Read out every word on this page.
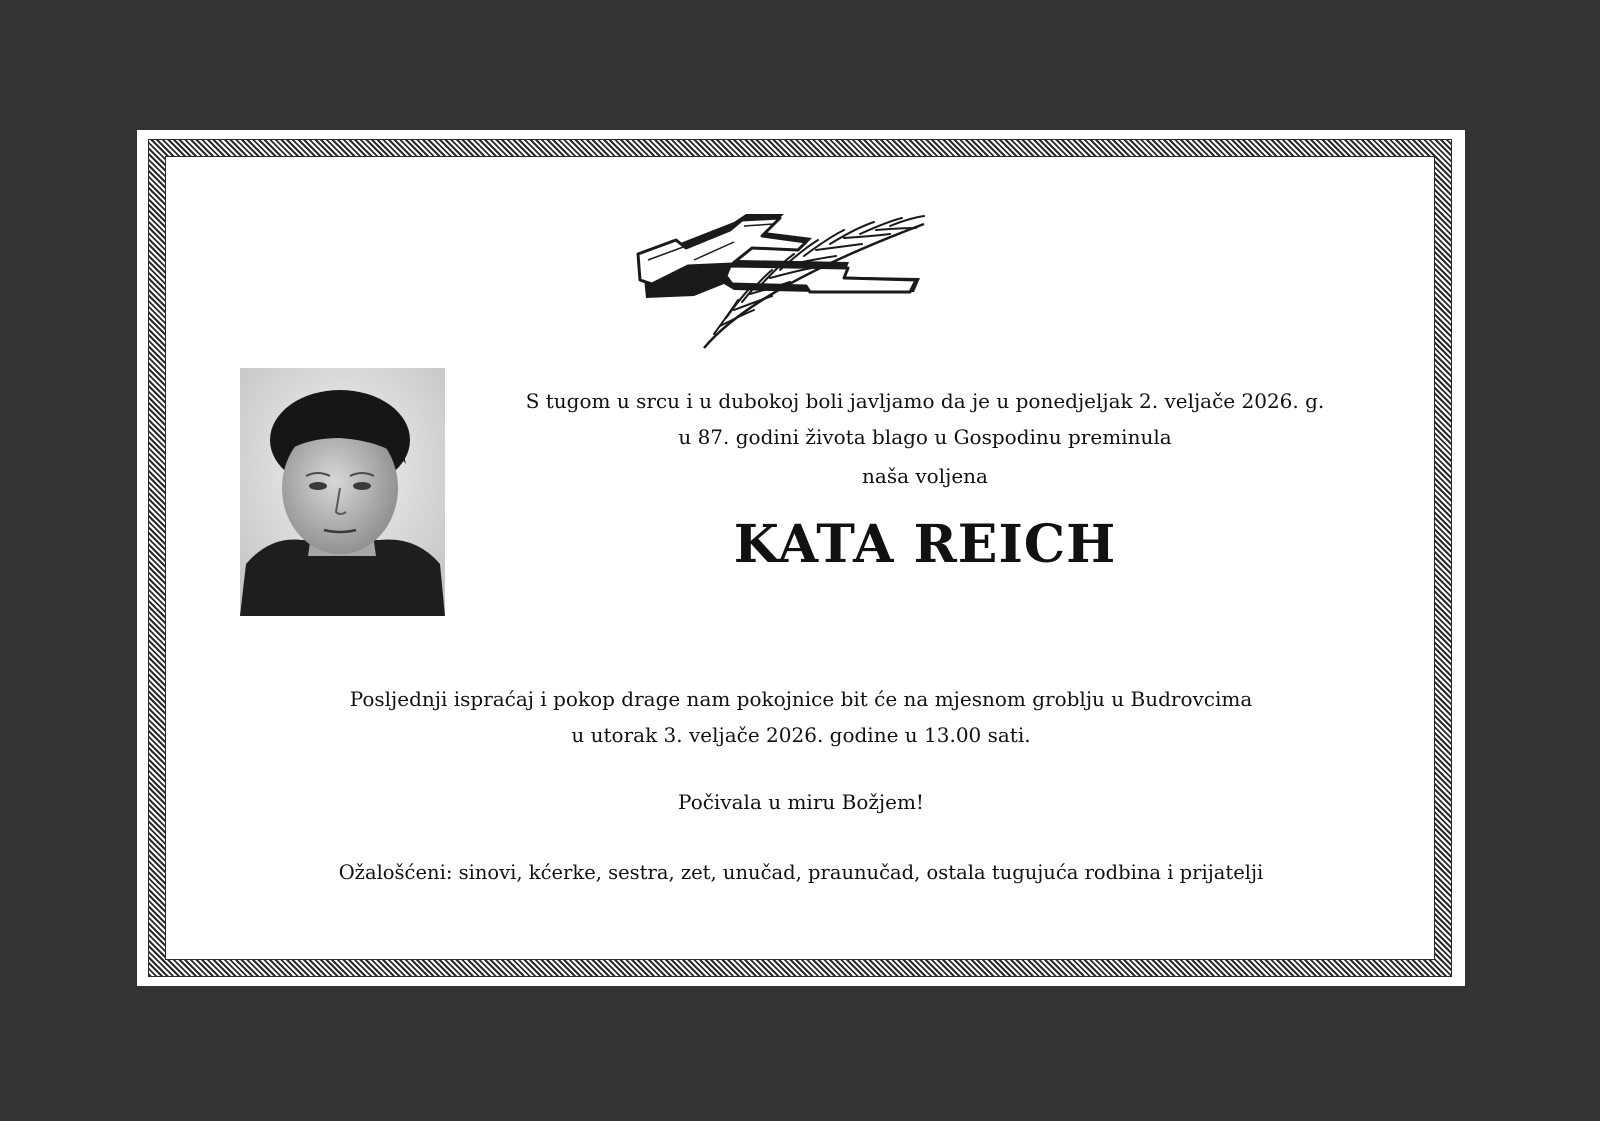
S tugom u srcu i u dubokoj boli javljamo da je u ponedjeljak 2. veljače 2026. g.

u 87. godini života blago u Gospodinu preminula

naša voljena

KATA REICH

Posljednji ispraćaj i pokop drage nam pokojnice bit će na mjesnom groblju u Budrovcima

u utorak 3. veljače 2026. godine u 13.00 sati.

Počivala u miru Božjem!

Ožalošćeni: sinovi, kćerke, sestra, zet, unučad, praunučad, ostala tugujuća rodbina i prijatelji
